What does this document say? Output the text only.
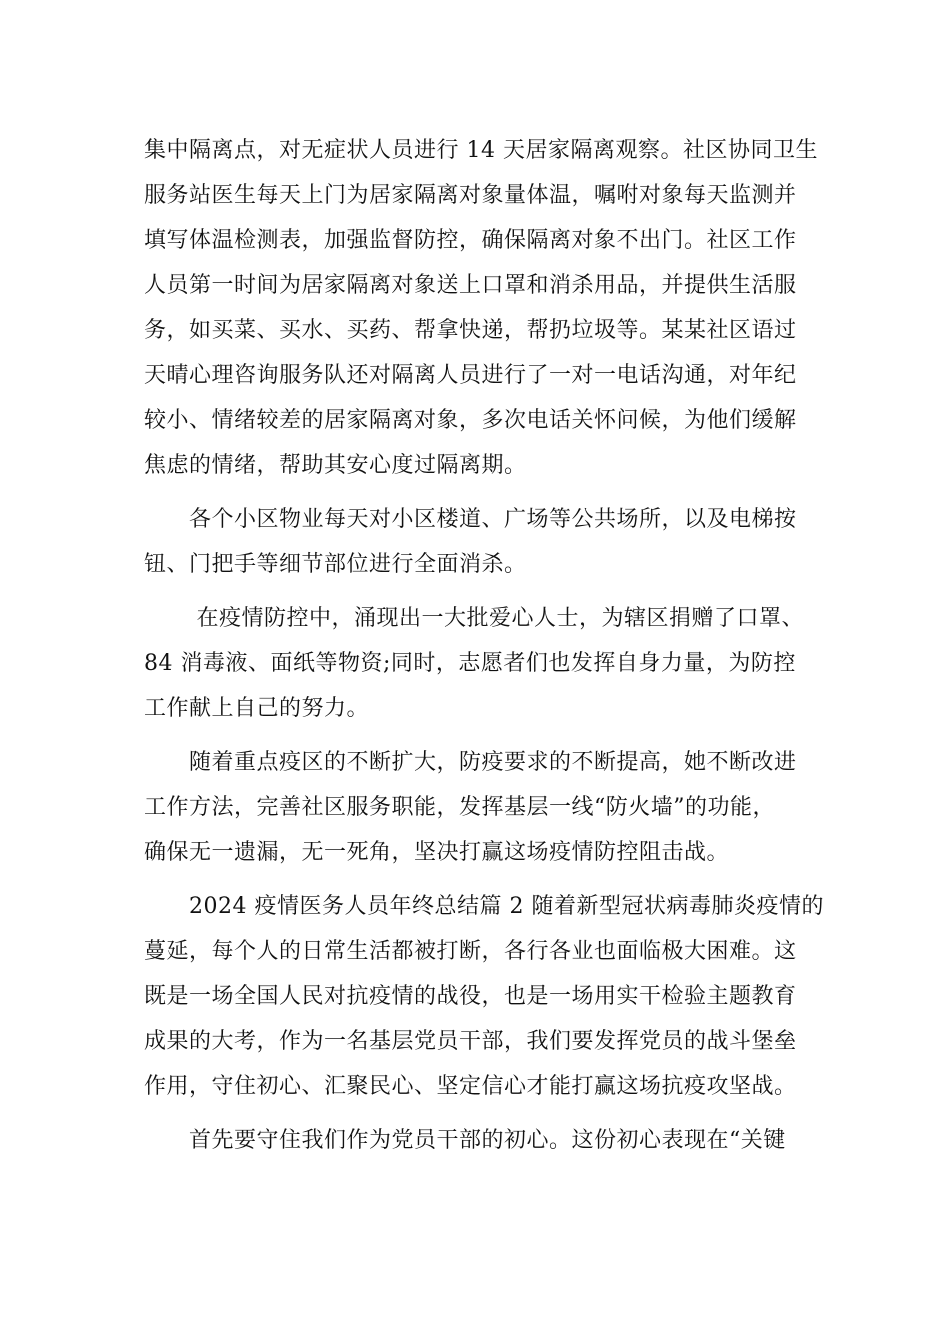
集中隔离点，对无症状人员进行 14 天居家隔离观察。社区协同卫生
服务站医生每天上门为居家隔离对象量体温，嘱咐对象每天监测并
填写体温检测表，加强监督防控，确保隔离对象不出门。社区工作
人员第一时间为居家隔离对象送上口罩和消杀用品，并提供生活服
务，如买菜、买水、买药、帮拿快递，帮扔垃圾等。某某社区语过
天晴心理咨询服务队还对隔离人员进行了一对一电话沟通，对年纪
较小、情绪较差的居家隔离对象，多次电话关怀问候，为他们缓解
焦虑的情绪，帮助其安心度过隔离期。
　　各个小区物业每天对小区楼道、广场等公共场所，以及电梯按
钮、门把手等细节部位进行全面消杀。
　　 在疫情防控中，涌现出一大批爱心人士，为辖区捐赠了口罩、
84 消毒液、面纸等物资;同时，志愿者们也发挥自身力量，为防控
工作献上自己的努力。
　　随着重点疫区的不断扩大，防疫要求的不断提高，她不断改进
工作方法，完善社区服务职能，发挥基层一线“防火墙”的功能，
确保无一遗漏，无一死角，坚决打赢这场疫情防控阻击战。
　　2024 疫情医务人员年终总结篇 2 随着新型冠状病毒肺炎疫情的
蔓延，每个人的日常生活都被打断，各行各业也面临极大困难。这
既是一场全国人民对抗疫情的战役，也是一场用实干检验主题教育
成果的大考，作为一名基层党员干部，我们要发挥党员的战斗堡垒
作用，守住初心、汇聚民心、坚定信心才能打赢这场抗疫攻坚战。
　　首先要守住我们作为党员干部的初心。这份初心表现在“关键
